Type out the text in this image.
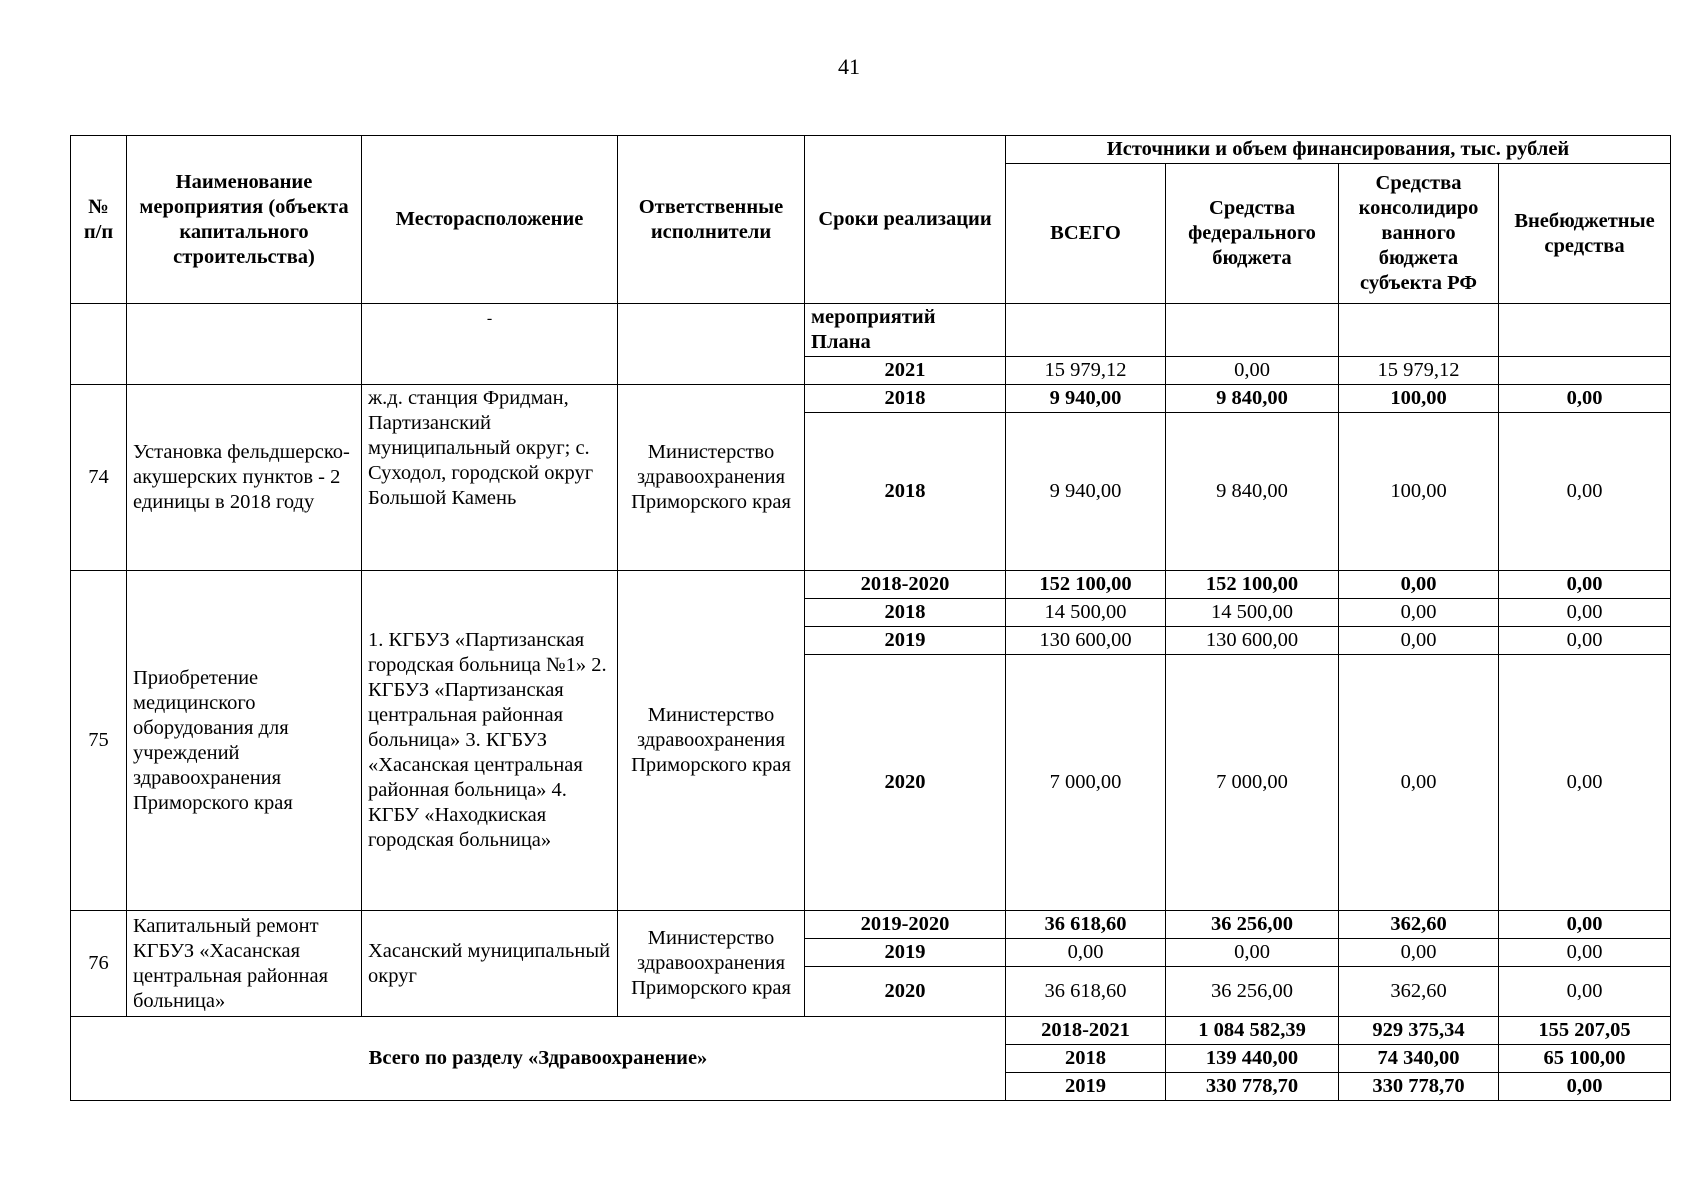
41
№ п/п	Наименование мероприятия (объекта капитального строительства)	Месторасположение	Ответственные исполнители	Сроки реализации	Источники и объем финансирования, тыс. рублей				
					ВСЕГО	Средства федерального бюджета	Средства консолидиро ванного бюджета субъекта РФ	Внебюджетные средства	
		-		мероприятий Плана					
				2021	15 979,12	0,00	15 979,12		
74	Установка фельдшерско-акушерских пунктов - 2 единицы в 2018 году	ж.д. станция Фридман, Партизанский муниципальный округ; с. Суходол, городской округ Большой Камень	Министерство здравоохранения Приморского края	2018	9 940,00	9 840,00	100,00	0,00	
				2018	9 940,00	9 840,00	100,00	0,00	
75	Приобретение медицинского оборудования для учреждений здравоохранения Приморского края	1. КГБУЗ «Партизанская городская больница №1» 2. КГБУЗ «Партизанская центральная районная больница» 3. КГБУЗ «Хасанская центральная районная больница» 4. КГБУ «Находкиская городская больница»	Министерство здравоохранения Приморского края	2018-2020	152 100,00	152 100,00	0,00	0,00	
				2018	14 500,00	14 500,00	0,00	0,00	
				2019	130 600,00	130 600,00	0,00	0,00	
				2020	7 000,00	7 000,00	0,00	0,00	
76	Капитальный ремонт КГБУЗ «Хасанская центральная районная больница»	Хасанский муниципальный округ	Министерство здравоохранения Приморского края	2019-2020	36 618,60	36 256,00	362,60	0,00	
				2019	0,00	0,00	0,00	0,00	
				2020	36 618,60	36 256,00	362,60	0,00	
Всего по разделу «Здравоохранение»					2018-2021	1 084 582,39	929 375,34	155 207,05	
					2018	139 440,00	74 340,00	65 100,00	
					2019	330 778,70	330 778,70	0,00	
